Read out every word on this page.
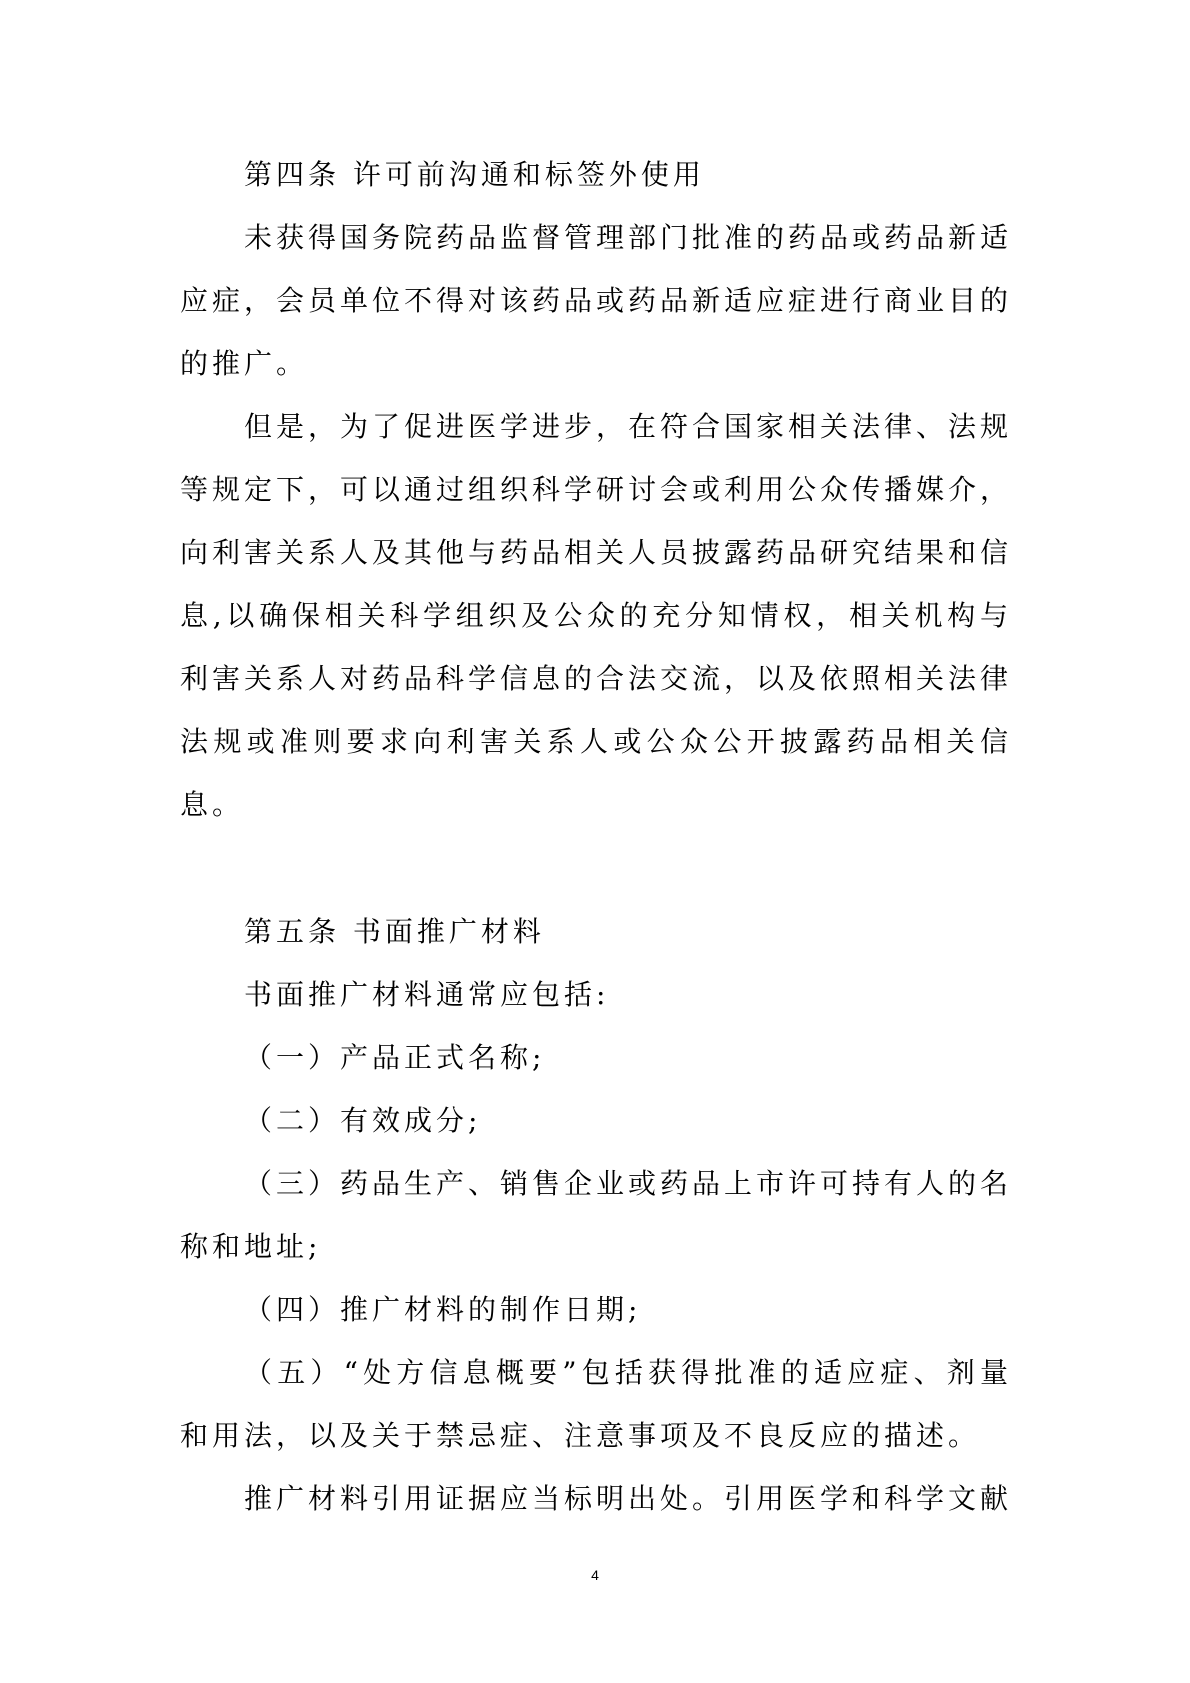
第四条 许可前沟通和标签外使用

未获得国务院药品监督管理部门批准的药品或药品新适应症，会员单位不得对该药品或药品新适应症进行商业目的的推广。

但是，为了促进医学进步，在符合国家相关法律、法规等规定下，可以通过组织科学研讨会或利用公众传播媒介，向利害关系人及其他与药品相关人员披露药品研究结果和信息,以确保相关科学组织及公众的充分知情权，相关机构与利害关系人对药品科学信息的合法交流，以及依照相关法律法规或准则要求向利害关系人或公众公开披露药品相关信息。

第五条 书面推广材料

书面推广材料通常应包括:

（一）产品正式名称;

（二）有效成分;

（三）药品生产、销售企业或药品上市许可持有人的名称和地址;

（四）推广材料的制作日期;

（五）“处方信息概要”包括获得批准的适应症、剂量和用法，以及关于禁忌症、注意事项及不良反应的描述。

推广材料引用证据应当标明出处。引用医学和科学文献

4
